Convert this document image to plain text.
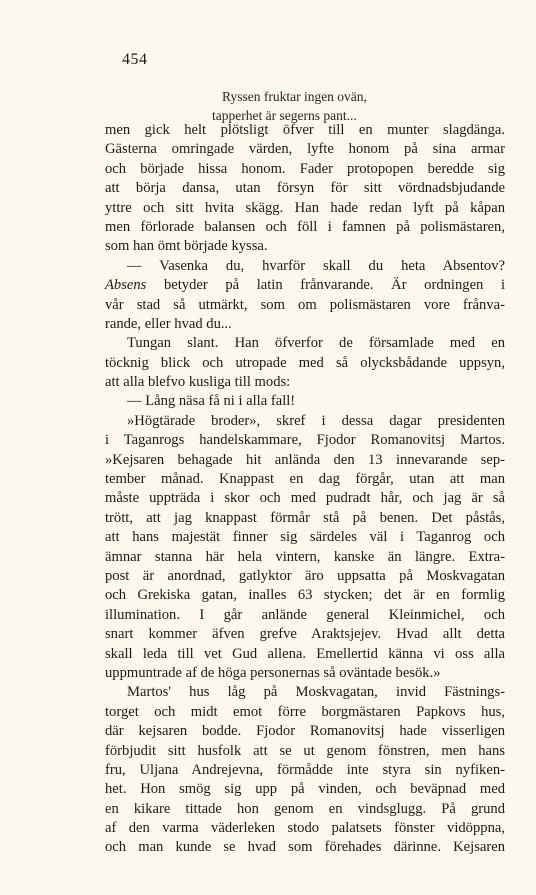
454
Ryssen fruktar ingen ovän,
tapperhet är segerns pant...
men gick helt plötsligt öfver till en munter slagdänga.
Gästerna omringade värden, lyfte honom på sina armar
och började hissa honom. Fader protopopen beredde sig
att börja dansa, utan försyn för sitt vördnadsbjudande
yttre och sitt hvita skägg. Han hade redan lyft på kåpan
men förlorade balansen och föll i famnen på polismästaren,
som han ömt började kyssa.
— Vasenka du, hvarför skall du heta Absentov?
Absens betyder på latin frånvarande. Är ordningen i
vår stad så utmärkt, som om polismästaren vore frånva-
rande, eller hvad du...
Tungan slant. Han öfverfor de församlade med en
töcknig blick och utropade med så olycksbådande uppsyn,
att alla blefvo kusliga till mods:
— Lång näsa få ni i alla fall!
»Högtärade broder», skref i dessa dagar presidenten
i Taganrogs handelskammare, Fjodor Romanovitsj Martos.
»Kejsaren behagade hit anlända den 13 innevarande sep-
tember månad. Knappast en dag förgår, utan att man
måste uppträda i skor och med pudradt hår, och jag är så
trött, att jag knappast förmår stå på benen. Det påstås,
att hans majestät finner sig särdeles väl i Taganrog och
ämnar stanna här hela vintern, kanske än längre. Extra-
post är anordnad, gatlyktor äro uppsatta på Moskvagatan
och Grekiska gatan, inalles 63 stycken; det är en formlig
illumination. I går anlände general Kleinmichel, och
snart kommer äfven grefve Araktsjejev. Hvad allt detta
skall leda till vet Gud allena. Emellertid känna vi oss alla
uppmuntrade af de höga personernas så oväntade besök.»
Martos' hus låg på Moskvagatan, invid Fästnings-
torget och midt emot förre borgmästaren Papkovs hus,
där kejsaren bodde. Fjodor Romanovitsj hade visserligen
förbjudit sitt husfolk att se ut genom fönstren, men hans
fru, Uljana Andrejevna, förmådde inte styra sin nyfiken-
het. Hon smög sig upp på vinden, och beväpnad med
en kikare tittade hon genom en vindsglugg. På grund
af den varma väderleken stodo palatsets fönster vidöppna,
och man kunde se hvad som förehades därinne. Kejsaren
